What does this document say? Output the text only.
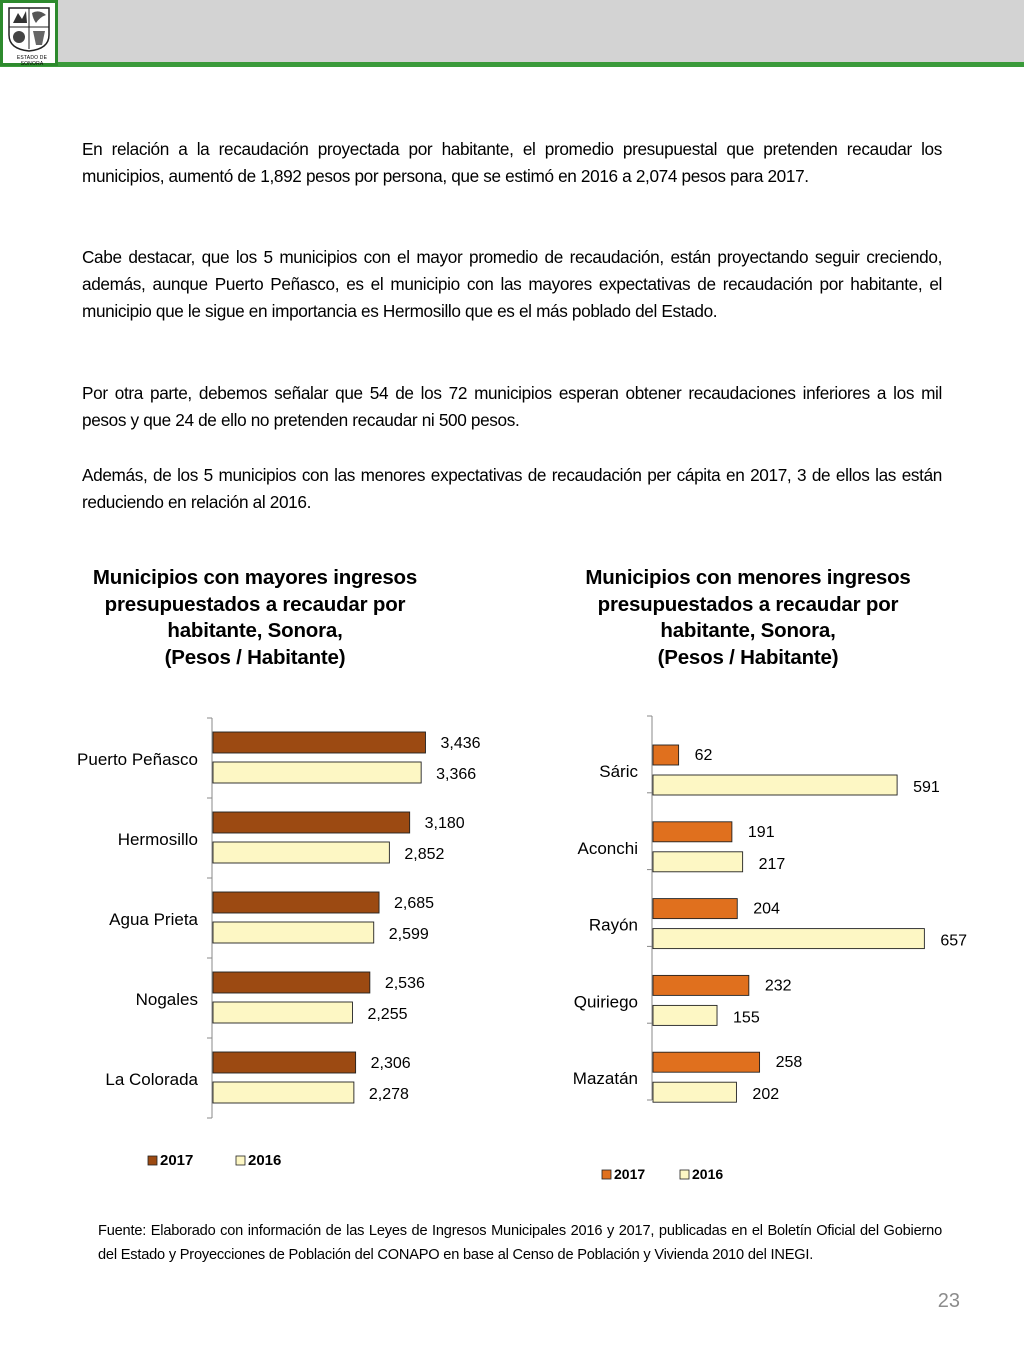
ESTADO DE SONORA

En relación a la recaudación proyectada por habitante, el promedio presupuestal que pretenden recaudar los municipios, aumentó de 1,892 pesos por persona, que se estimó en 2016 a 2,074 pesos para 2017.

Cabe destacar, que los 5 municipios con el mayor promedio de recaudación, están proyectando seguir creciendo, además, aunque Puerto Peñasco, es el municipio con las mayores expectativas de recaudación por habitante, el municipio que le sigue en importancia es Hermosillo que es el más poblado del Estado.

Por otra parte, debemos señalar que 54 de los 72 municipios esperan obtener recaudaciones inferiores a los mil pesos y que 24 de ello no pretenden recaudar ni 500 pesos.

Además, de los 5 municipios con las menores expectativas de recaudación per cápita en 2017, 3 de ellos las están reduciendo en relación al 2016.

Municipios con mayores ingresos
presupuestados a recaudar por
habitante, Sonora,
(Pesos / Habitante)
Municipios con menores ingresos
presupuestados a recaudar por
habitante, Sonora,
(Pesos / Habitante)
Puerto Peñasco
3,436
3,366
Hermosillo
3,180
2,852
Agua Prieta
2,685
2,599
Nogales
2,536
2,255
La Colorada
2,306
2,278
2017	2016
Sáric
62
591
Aconchi
191
217
Rayón
204
657
Quiriego
232
155
Mazatán
258
202
2017	2016

Fuente: Elaborado con información de las Leyes de Ingresos Municipales 2016 y 2017, publicadas en el Boletín Oficial del Gobierno del Estado y Proyecciones de Población del CONAPO en base al Censo de Población y Vivienda 2010 del INEGI.

23
